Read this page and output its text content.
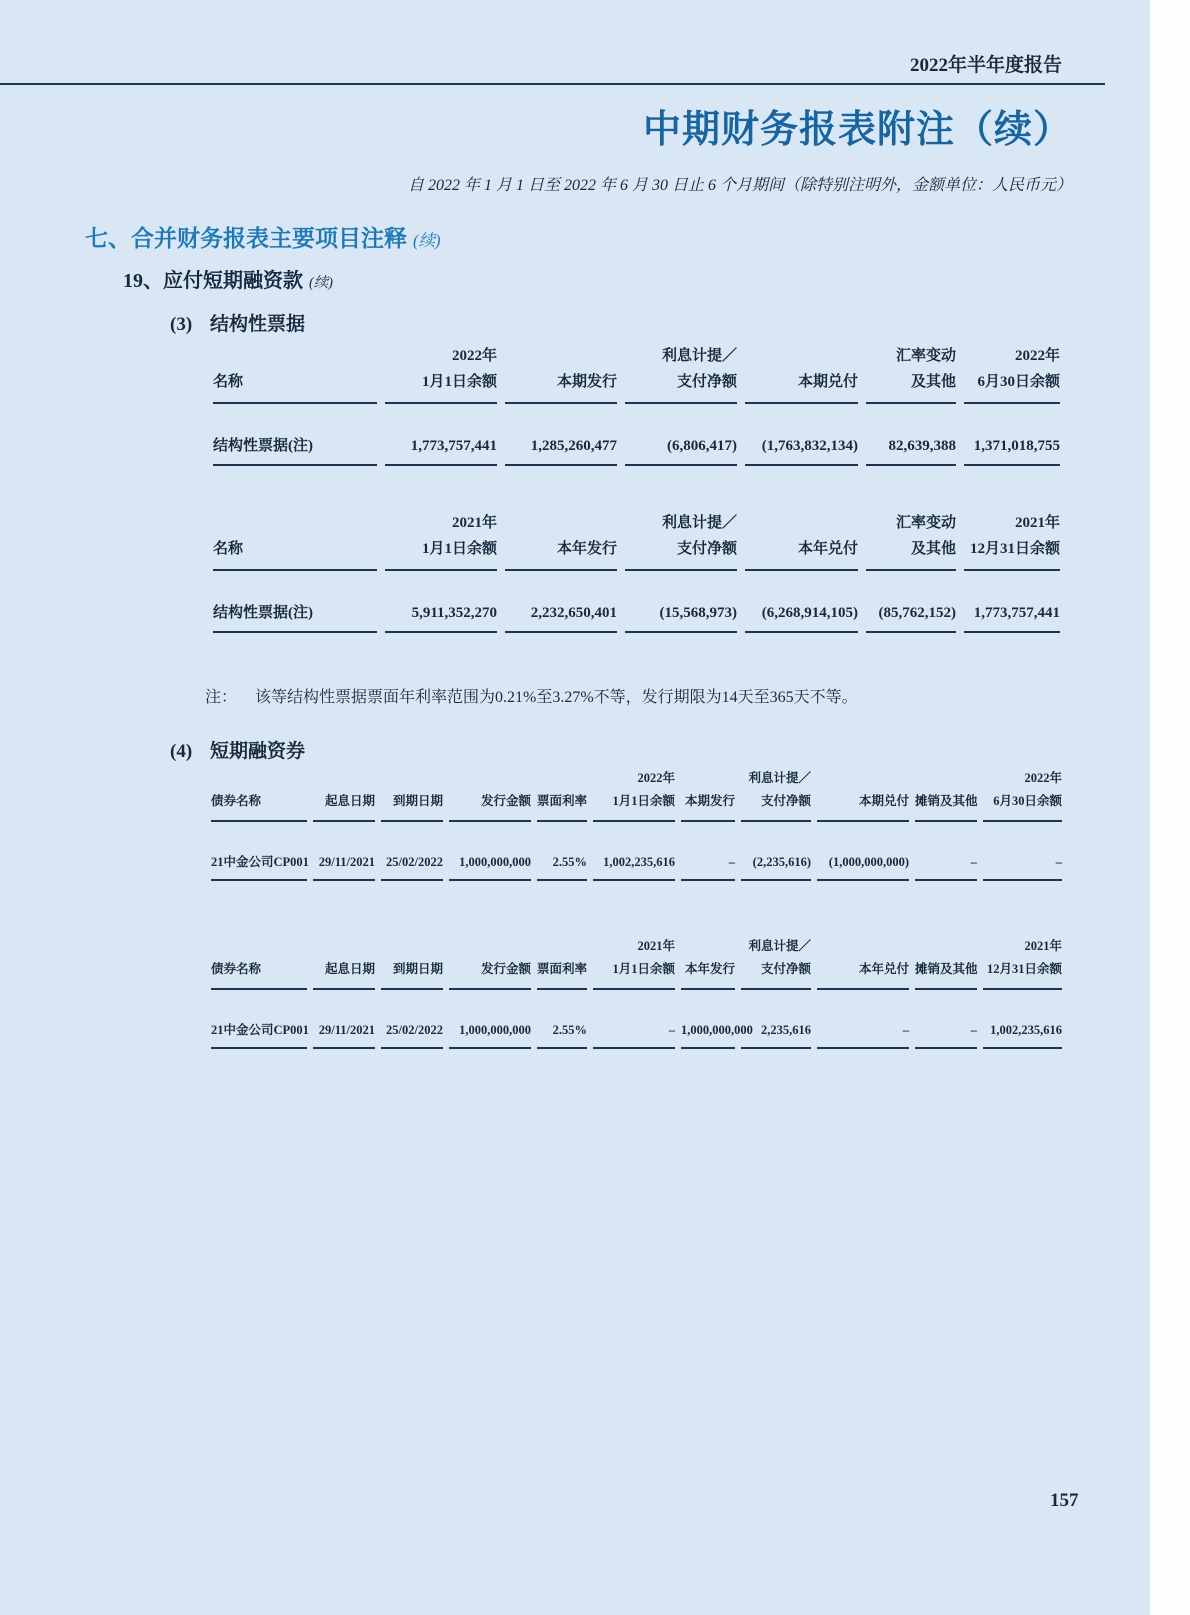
2022年半年度报告
中期财务报表附注（续）
自 2022 年 1 月 1 日至 2022 年 6 月 30 日止 6 个月期间（除特别注明外，金额单位：人民币元）
七、合并财务报表主要项目注释 (续)
19、应付短期融资款 (续)
(3) 结构性票据
	2022年		利息计提／		汇率变动	2022年
名称	1月1日余额	本期发行	支付净额	本期兑付	及其他	6月30日余额
结构性票据(注)	1,773,757,441	1,285,260,477	(6,806,417)	(1,763,832,134)	82,639,388	1,371,018,755
	2021年		利息计提／		汇率变动	2021年
名称	1月1日余额	本年发行	支付净额	本年兑付	及其他	12月31日余额
结构性票据(注)	5,911,352,270	2,232,650,401	(15,568,973)	(6,268,914,105)	(85,762,152)	1,773,757,441
注：	该等结构性票据票面年利率范围为0.21%至3.27%不等，发行期限为14天至365天不等。
(4) 短期融资券
					2022年		利息计提／			2022年
债券名称	起息日期	到期日期	发行金额	票面利率	1月1日余额	本期发行	支付净额	本期兑付	摊销及其他	6月30日余额
21中金公司CP001	29/11/2021	25/02/2022	1,000,000,000	2.55%	1,002,235,616	–	(2,235,616)	(1,000,000,000)	–	–
					2021年		利息计提／			2021年
债券名称	起息日期	到期日期	发行金额	票面利率	1月1日余额	本年发行	支付净额	本年兑付	摊销及其他	12月31日余额
21中金公司CP001	29/11/2021	25/02/2022	1,000,000,000	2.55%	–	1,000,000,000	2,235,616	–	–	1,002,235,616
157
